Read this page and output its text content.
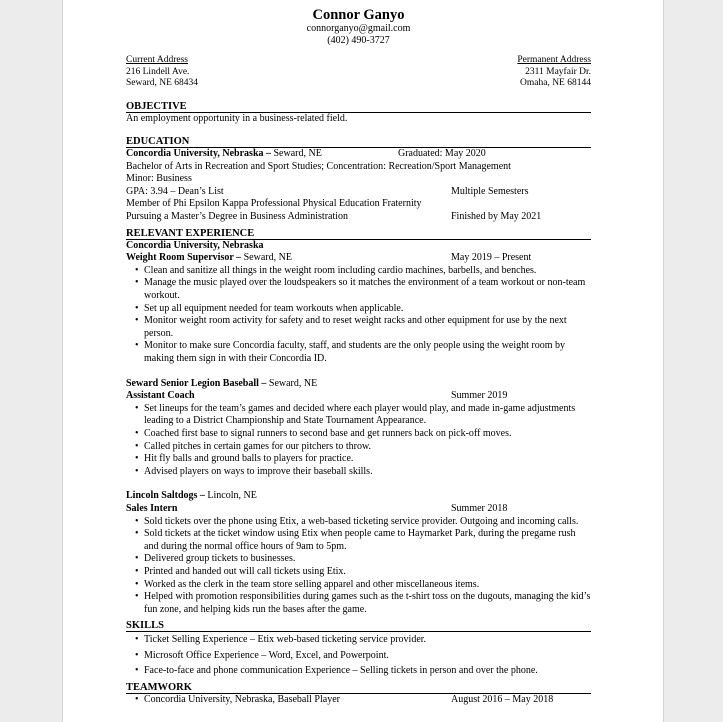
Connor Ganyo
connorganyo@gmail.com
(402) 490-3727
Current Address
216 Lindell Ave.
Seward, NE 68434
Permanent Address
2311 Mayfair Dr.
Omaha, NE 68144
OBJECTIVE
An employment opportunity in a business-related field.
EDUCATION
Concordia University, Nebraska – Seward, NE	Graduated: May 2020
Bachelor of Arts in Recreation and Sport Studies; Concentration: Recreation/Sport Management
Minor: Business
GPA: 3.94 – Dean’s List	Multiple Semesters
Member of Phi Epsilon Kappa Professional Physical Education Fraternity
Pursuing a Master’s Degree in Business Administration	Finished by May 2021
RELEVANT EXPERIENCE
Concordia University, Nebraska
Weight Room Supervisor – Seward, NE	May 2019 – Present
• Clean and sanitize all things in the weight room including cardio machines, barbells, and benches.
• Manage the music played over the loudspeakers so it matches the environment of a team workout or non-team workout.
• Set up all equipment needed for team workouts when applicable.
• Monitor weight room activity for safety and to reset weight racks and other equipment for use by the next person.
• Monitor to make sure Concordia faculty, staff, and students are the only people using the weight room by making them sign in with their Concordia ID.
Seward Senior Legion Baseball – Seward, NE
Assistant Coach	Summer 2019
• Set lineups for the team’s games and decided where each player would play, and made in-game adjustments leading to a District Championship and State Tournament Appearance.
• Coached first base to signal runners to second base and get runners back on pick-off moves.
• Called pitches in certain games for our pitchers to throw.
• Hit fly balls and ground balls to players for practice.
• Advised players on ways to improve their baseball skills.
Lincoln Saltdogs – Lincoln, NE
Sales Intern	Summer 2018
• Sold tickets over the phone using Etix, a web-based ticketing service provider. Outgoing and incoming calls.
• Sold tickets at the ticket window using Etix when people came to Haymarket Park, during the pregame rush and during the normal office hours of 9am to 5pm.
• Delivered group tickets to businesses.
• Printed and handed out will call tickets using Etix.
• Worked as the clerk in the team store selling apparel and other miscellaneous items.
• Helped with promotion responsibilities during games such as the t-shirt toss on the dugouts, managing the kid’s fun zone, and helping kids run the bases after the game.
SKILLS
• Ticket Selling Experience – Etix web-based ticketing service provider.
• Microsoft Office Experience – Word, Excel, and Powerpoint.
• Face-to-face and phone communication Experience – Selling tickets in person and over the phone.
TEAMWORK
• Concordia University, Nebraska, Baseball Player	August 2016 – May 2018
